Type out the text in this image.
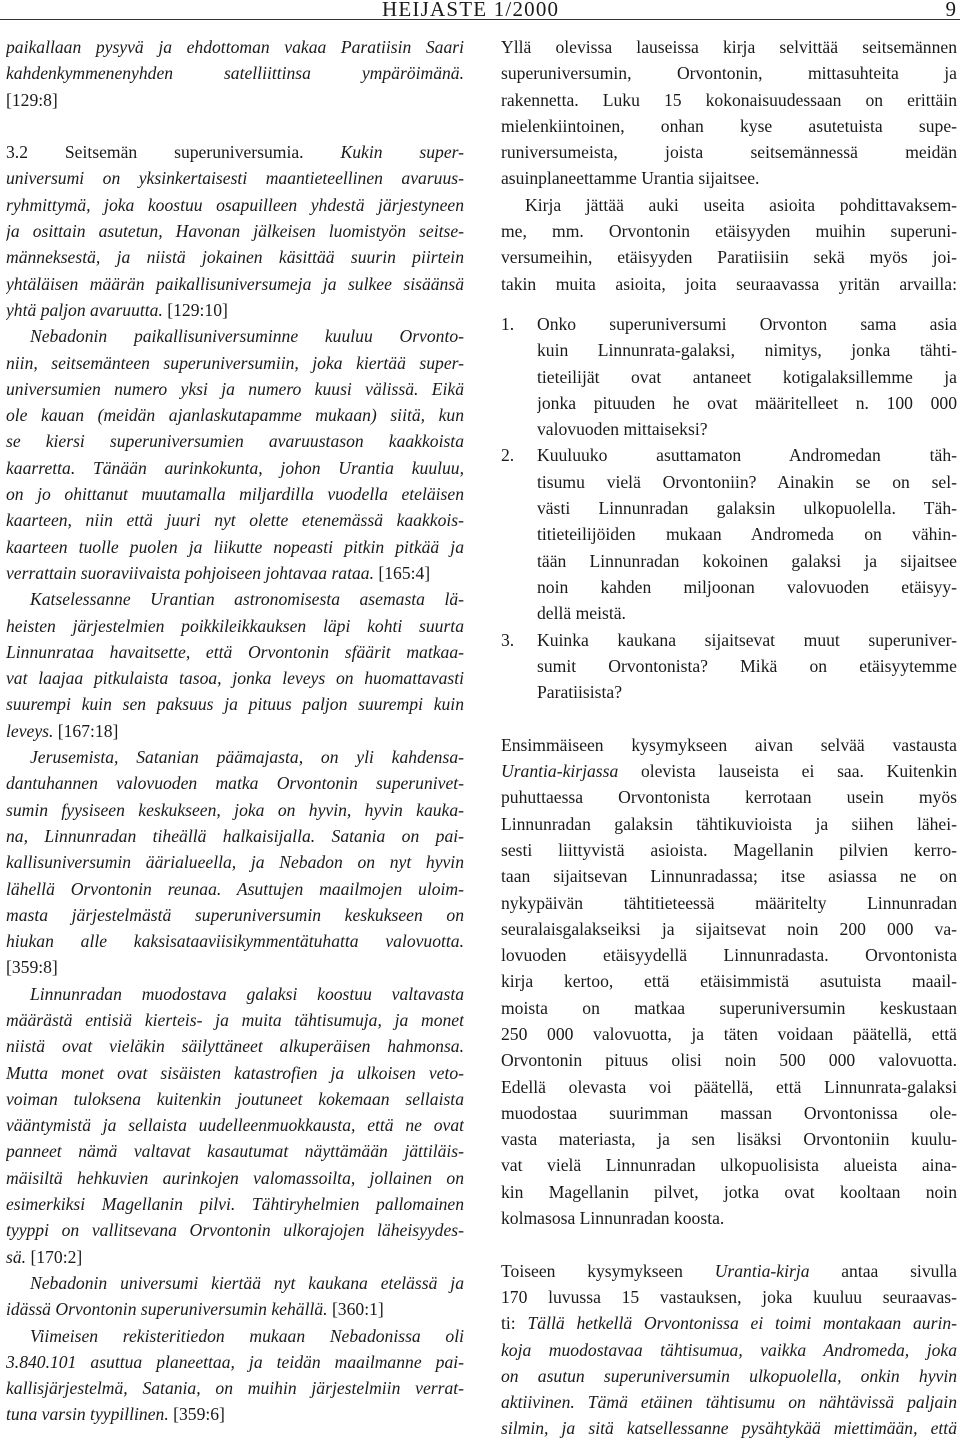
HEIJASTE 1/2000	9
paikallaan pysyvä ja ehdottoman vakaa Paratiisin Saari
kahdenkymmenenyhden satelliittinsa ympäröimänä.
[129:8]
3.2 Seitsemän superuniversumia. Kukin super-
universumi on yksinkertaisesti maantieteellinen avaruus-
ryhmittymä, joka koostuu osapuilleen yhdestä järjestyneen
ja osittain asutetun, Havonan jälkeisen luomistyön seitse-
männeksestä, ja niistä jokainen käsittää suurin piirtein
yhtäläisen määrän paikallisuniversumeja ja sulkee sisäänsä
yhtä paljon avaruutta. [129:10]
Nebadonin paikallisuniversuminne kuuluu Orvonto-
niin, seitsemänteen superuniversumiin, joka kiertää super-
universumien numero yksi ja numero kuusi välissä. Eikä
ole kauan (meidän ajanlaskutapamme mukaan) siitä, kun
se kiersi superuniversumien avaruustason kaakkoista
kaarretta. Tänään aurinkokunta, johon Urantia kuuluu,
on jo ohittanut muutamalla miljardilla vuodella eteläisen
kaarteen, niin että juuri nyt olette etenemässä kaakkois-
kaarteen tuolle puolen ja liikutte nopeasti pitkin pitkää ja
verrattain suoraviivaista pohjoiseen johtavaa rataa. [165:4]
Katselessanne Urantian astronomisesta asemasta lä-
heisten järjestelmien poikkileikkauksen läpi kohti suurta
Linnunrataa havaitsette, että Orvontonin sfäärit matkaa-
vat laajaa pitkulaista tasoa, jonka leveys on huomattavasti
suurempi kuin sen paksuus ja pituus paljon suurempi kuin
leveys. [167:18]
Jerusemista, Satanian päämajasta, on yli kahdensa-
dantuhannen valovuoden matka Orvontonin superunivet-
sumin fyysiseen keskukseen, joka on hyvin, hyvin kauka-
na, Linnunradan tiheällä halkaisijalla. Satania on pai-
kallisuniversumin äärialueella, ja Nebadon on nyt hyvin
lähellä Orvontonin reunaa. Asuttujen maailmojen uloim-
masta järjestelmästä superuniversumin keskukseen on
hiukan alle kaksisataaviisikymmentätuhatta valovuotta.
[359:8]
Linnunradan muodostava galaksi koostuu valtavasta
määrästä entisiä kierteis- ja muita tähtisumuja, ja monet
niistä ovat vieläkin säilyttäneet alkuperäisen hahmonsa.
Mutta monet ovat sisäisten katastrofien ja ulkoisen veto-
voiman tuloksena kuitenkin joutuneet kokemaan sellaista
vääntymistä ja sellaista uudelleenmuokkausta, että ne ovat
panneet nämä valtavat kasautumat näyttämään jättiläis-
mäisiltä hehkuvien aurinkojen valomassoilta, jollainen on
esimerkiksi Magellanin pilvi. Tähtiryhelmien pallomainen
tyyppi on vallitsevana Orvontonin ulkorajojen läheisyydes-
sä. [170:2]
Nebadonin universumi kiertää nyt kaukana etelässä ja
idässä Orvontonin superuniversumin kehällä. [360:1]
Viimeisen rekisteritiedon mukaan Nebadonissa oli
3.840.101 asuttua planeettaa, ja teidän maailmanne pai-
kallisjärjestelmä, Satania, on muihin järjestelmiin verrat-
tuna varsin tyypillinen. [359:6]
Yllä olevissa lauseissa kirja selvittää seitsemännen
superuniversumin, Orvontonin, mittasuhteita ja
rakennetta. Luku 15 kokonaisuudessaan on erittäin
mielenkiintoinen, onhan kyse asutetuista supe-
runiversumeista, joista seitsemännessä meidän
asuinplaneettamme Urantia sijaitsee.
Kirja jättää auki useita asioita pohdittavaksem-
me, mm. Orvontonin etäisyyden muihin superuni-
versumeihin, etäisyyden Paratiisiin sekä myös joi-
takin muita asioita, joita seuraavassa yritän arvailla:
1. Onko superuniversumi Orvonton sama asia
kuin Linnunrata-galaksi, nimitys, jonka tähti-
tieteilijät ovat antaneet kotigalaksillemme ja
jonka pituuden he ovat määritelleet n. 100 000
valovuoden mittaiseksi?
2. Kuuluuko asuttamaton Andromedan täh-
tisumu vielä Orvontoniin? Ainakin se on sel-
västi Linnunradan galaksin ulkopuolella. Täh-
titieteilijöiden mukaan Andromeda on vähin-
tään Linnunradan kokoinen galaksi ja sijaitsee
noin kahden miljoonan valovuoden etäisyy-
dellä meistä.
3. Kuinka kaukana sijaitsevat muut superuniver-
sumit Orvontonista? Mikä on etäisyytemme
Paratiisista?
Ensimmäiseen kysymykseen aivan selvää vastausta
Urantia-kirjassa olevista lauseista ei saa. Kuitenkin
puhuttaessa Orvontonista kerrotaan usein myös
Linnunradan galaksin tähtikuvioista ja siihen lähei-
sesti liittyvistä asioista. Magellanin pilvien kerro-
taan sijaitsevan Linnunradassa; itse asiassa ne on
nykypäivän tähtitieteessä määritelty Linnunradan
seuralaisgalakseiksi ja sijaitsevat noin 200 000 va-
lovuoden etäisyydellä Linnunradasta. Orvontonista
kirja kertoo, että etäisimmistä asutuista maail-
moista on matkaa superuniversumin keskustaan
250 000 valovuotta, ja täten voidaan päätellä, että
Orvontonin pituus olisi noin 500 000 valovuotta.
Edellä olevasta voi päätellä, että Linnunrata-galaksi
muodostaa suurimman massan Orvontonissa ole-
vasta materiasta, ja sen lisäksi Orvontoniin kuulu-
vat vielä Linnunradan ulkopuolisista alueista aina-
kin Magellanin pilvet, jotka ovat kooltaan noin
kolmasosa Linnunradan koosta.
Toiseen kysymykseen Urantia-kirja antaa sivulla
170 luvussa 15 vastauksen, joka kuuluu seuraavas-
ti: Tällä hetkellä Orvontonissa ei toimi montakaan aurin-
koja muodostavaa tähtisumua, vaikka Andromeda, joka
on asutun superuniversumin ulkopuolella, onkin hyvin
aktiivinen. Tämä etäinen tähtisumu on nähtävissä paljain
silmin, ja sitä katsellessanne pysähtykää miettimään, että
